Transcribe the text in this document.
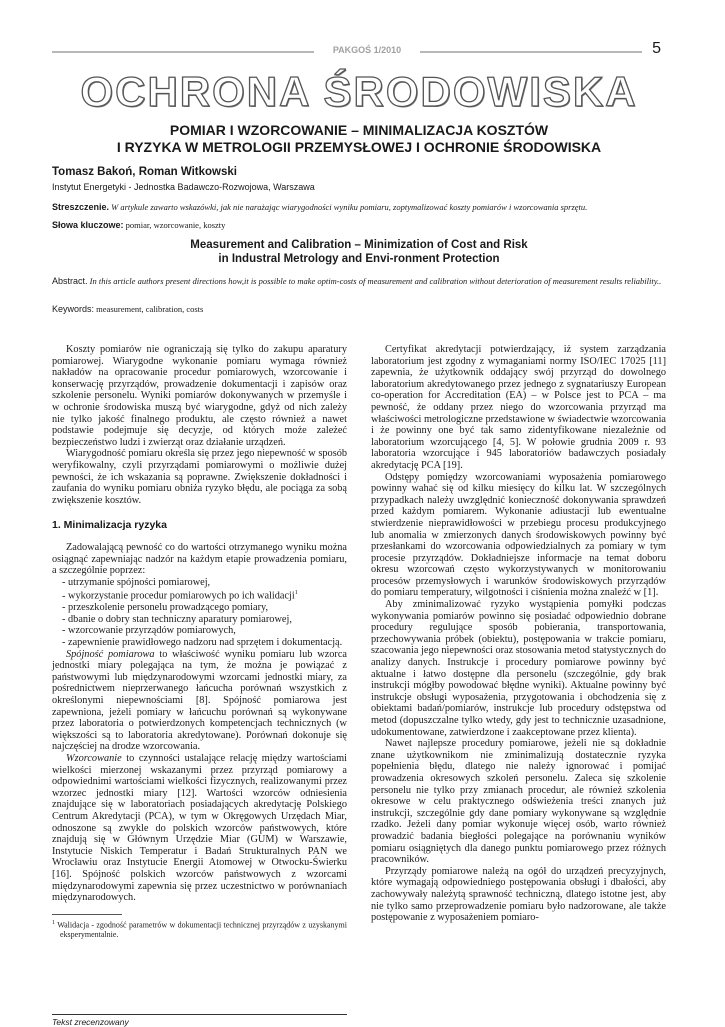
PAKGOŚ 1/2010	5
OCHRONA ŚRODOWISKA
POMIAR I WZORCOWANIE – MINIMALIZACJA KOSZTÓW
I RYZYKA W METROLOGII PRZEMYSŁOWEJ I OCHRONIE ŚRODOWISKA
Tomasz Bakoń, Roman Witkowski
Instytut Energetyki - Jednostka Badawczo-Rozwojowa, Warszawa
Streszczenie. W artykule zawarto wskazówki, jak nie narażając wiarygodności wyniku pomiaru, zoptymalizować koszty pomiarów i wzorcowania sprzętu.
Słowa kluczowe: pomiar, wzorcowanie, koszty
Measurement and Calibration – Minimization of Cost and Risk
in Industral Metrology and Envi-ronment Protection
Abstract. In this article authors present directions how,it is possible to make optim-costs of measurement and calibration without deterioration of measurement results reliability..
Keywords: measurement, calibration, costs

Koszty pomiarów nie ograniczają się tylko do zakupu aparatury pomiarowej. Wiarygodne wykonanie pomiaru wymaga również nakładów na opracowanie procedur pomiarowych, wzorcowanie i konserwację przyrządów, prowadzenie dokumentacji i zapisów oraz szkolenie personelu. Wyniki pomiarów dokonywanych w przemyśle i w ochronie środowiska muszą być wiarygodne, gdyż od nich zależy nie tylko jakość finalnego produktu, ale często również a nawet podstawie podejmuje się decyzje, od których może zależeć bezpieczeństwo ludzi i zwierząt oraz działanie urządzeń.

Wiarygodność pomiaru określa się przez jego niepewność w sposób weryfikowalny, czyli przyrządami pomiarowymi o możliwie dużej pewności, że ich wskazania są poprawne. Zwiększenie dokładności i zaufania do wyniku pomiaru obniża ryzyko błędu, ale pociąga za sobą zwiększenie kosztów.

1. Minimalizacja ryzyka

Zadowalającą pewność co do wartości otrzymanego wyniku można osiągnąć zapewniając nadzór na każdym etapie prowadzenia pomiaru, a szczególnie poprzez:

- utrzymanie spójności pomiarowej,
- wykorzystanie procedur pomiarowych po ich walidacji$^1$
- przeszkolenie personelu prowadzącego pomiary,
- dbanie o dobry stan techniczny aparatury pomiarowej,
- wzorcowanie przyrządów pomiarowych,
- zapewnienie prawidłowego nadzoru nad sprzętem i dokumentacją.

Spójność pomiarowa to właściwość wyniku pomiaru lub wzorca jednostki miary polegająca na tym, że można je powiązać z państwowymi lub międzynarodowymi wzorcami jednostki miary, za pośrednictwem nieprzerwanego łańcucha porównań wszystkich z określonymi niepewnościami [8]. Spójność pomiarowa jest zapewniona, jeżeli pomiary w łańcuchu porównań są wykonywane przez laboratoria o potwierdzonych kompetencjach technicznych (w większości są to laboratoria akredytowane). Porównań dokonuje się najczęściej na drodze wzorcowania.

Wzorcowanie to czynności ustalające relację między wartościami wielkości mierzonej wskazanymi przez przyrząd pomiarowy a odpowiednimi wartościami wielkości fizycznych, realizowanymi przez wzorzec jednostki miary [12]. Wartości wzorców odniesienia znajdujące się w laboratoriach posiadających akredytację Polskiego Centrum Akredytacji (PCA), w tym w Okręgowych Urzędach Miar, odnoszone są zwykle do polskich wzorców państwowych, które znajdują się w Głównym Urzędzie Miar (GUM) w Warszawie, Instytucie Niskich Temperatur i Badań Strukturalnych PAN we Wrocławiu oraz Instytucie Energii Atomowej w Otwocku-Świerku [16]. Spójność polskich wzorców państwowych z wzorcami międzynarodowymi zapewnia się przez uczestnictwo w porównaniach międzynarodowych.

$^1$ Walidacja - zgodność parametrów w dokumentacji technicznej przyrządów z uzyskanymi eksperymentalnie.

Tekst zrecenzowany

Certyfikat akredytacji potwierdzający, iż system zarządzania laboratorium jest zgodny z wymaganiami normy ISO/IEC 17025 [11] zapewnia, że użytkownik oddający swój przyrząd do dowolnego laboratorium akredytowanego przez jednego z sygnatariuszy European co-operation for Accreditation (EA) – w Polsce jest to PCA – ma pewność, że oddany przez niego do wzorcowania przyrząd ma właściwości metrologiczne przedstawione w świadectwie wzorcowania i że powinny one być tak samo zidentyfikowane niezależnie od laboratorium wzorcującego [4, 5]. W połowie grudnia 2009 r. 93 laboratoria wzorcujące i 945 laboratoriów badawczych posiadały akredytację PCA [19].

Odstępy pomiędzy wzorcowaniami wyposażenia pomiarowego powinny wahać się od kilku miesięcy do kilku lat. W szczególnych przypadkach należy uwzględnić konieczność dokonywania sprawdzeń przed każdym pomiarem. Wykonanie adiustacji lub ewentualne stwierdzenie nieprawidłowości w przebiegu procesu produkcyjnego lub anomalia w zmierzonych danych środowiskowych powinny być przesłankami do wzorcowania odpowiedzialnych za pomiary w tym procesie przyrządów. Dokładniejsze informacje na temat doboru okresu wzorcowań często wykorzystywanych w monitorowaniu procesów przemysłowych i warunków środowiskowych przyrządów do pomiaru temperatury, wilgotności i ciśnienia można znaleźć w [1].

Aby zminimalizować ryzyko wystąpienia pomyłki podczas wykonywania pomiarów powinno się posiadać odpowiednio dobrane procedury regulujące sposób pobierania, transportowania, przechowywania próbek (obiektu), postępowania w trakcie pomiaru, szacowania jego niepewności oraz stosowania metod statystycznych do analizy danych. Instrukcje i procedury pomiarowe powinny być aktualne i łatwo dostępne dla personelu (szczególnie, gdy brak instrukcji mógłby powodować błędne wyniki). Aktualne powinny być instrukcje obsługi wyposażenia, przygotowania i obchodzenia się z obiektami badań/pomiarów, instrukcje lub procedury odstępstwa od metod (dopuszczalne tylko wtedy, gdy jest to technicznie uzasadnione, udokumentowane, zatwierdzone i zaakceptowane przez klienta).

Nawet najlepsze procedury pomiarowe, jeżeli nie są dokładnie znane użytkownikom nie zminimalizują dostatecznie ryzyka popełnienia błędu, dlatego nie należy ignorować i pomijać prowadzenia okresowych szkoleń personelu. Zaleca się szkolenie personelu nie tylko przy zmianach procedur, ale również szkolenia okresowe w celu praktycznego odświeżenia treści znanych już instrukcji, szczególnie gdy dane pomiary wykonywane są względnie rzadko. Jeżeli dany pomiar wykonuje więcej osób, warto również prowadzić badania biegłości polegające na porównaniu wyników pomiaru osiągniętych dla danego punktu pomiarowego przez różnych pracowników.

Przyrządy pomiarowe należą na ogół do urządzeń precyzyjnych, które wymagają odpowiedniego postępowania obsługi i dbałości, aby zachowywały należytą sprawność techniczną, dlatego istotne jest, aby nie tylko samo przeprowadzenie pomiaru było nadzorowane, ale także postępowanie z wyposażeniem pomiaro-
